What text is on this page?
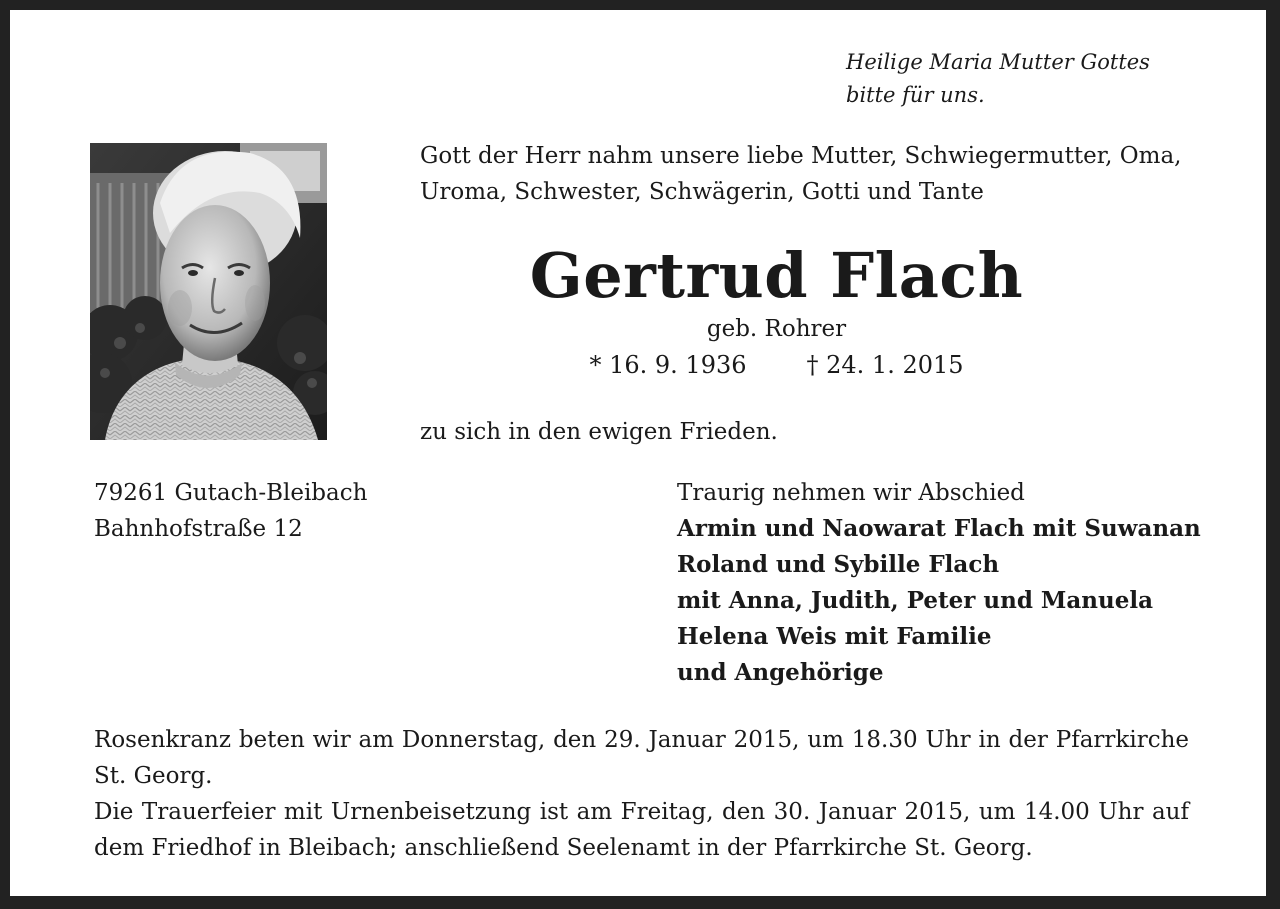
Heilige Maria Mutter Gottes
bitte für uns.
Gott der Herr nahm unsere liebe Mutter, Schwiegermutter, Oma,
Uroma, Schwester, Schwägerin, Gotti und Tante
Gertrud Flach
geb. Rohrer
* 16. 9. 1936	† 24. 1. 2015
zu sich in den ewigen Frieden.
79261 Gutach-Bleibach
Bahnhofstraße 12
Traurig nehmen wir Abschied
Armin und Naowarat Flach mit Suwanan
Roland und Sybille Flach
mit Anna, Judith, Peter und Manuela
Helena Weis mit Familie
und Angehörige

Rosenkranz beten wir am Donnerstag, den 29. Januar 2015, um 18.30 Uhr in der Pfarrkirche St. Georg.

Die Trauerfeier mit Urnenbeisetzung ist am Freitag, den 30. Januar 2015, um 14.00 Uhr auf dem Friedhof in Bleibach; anschließend Seelenamt in der Pfarrkirche St. Georg.
